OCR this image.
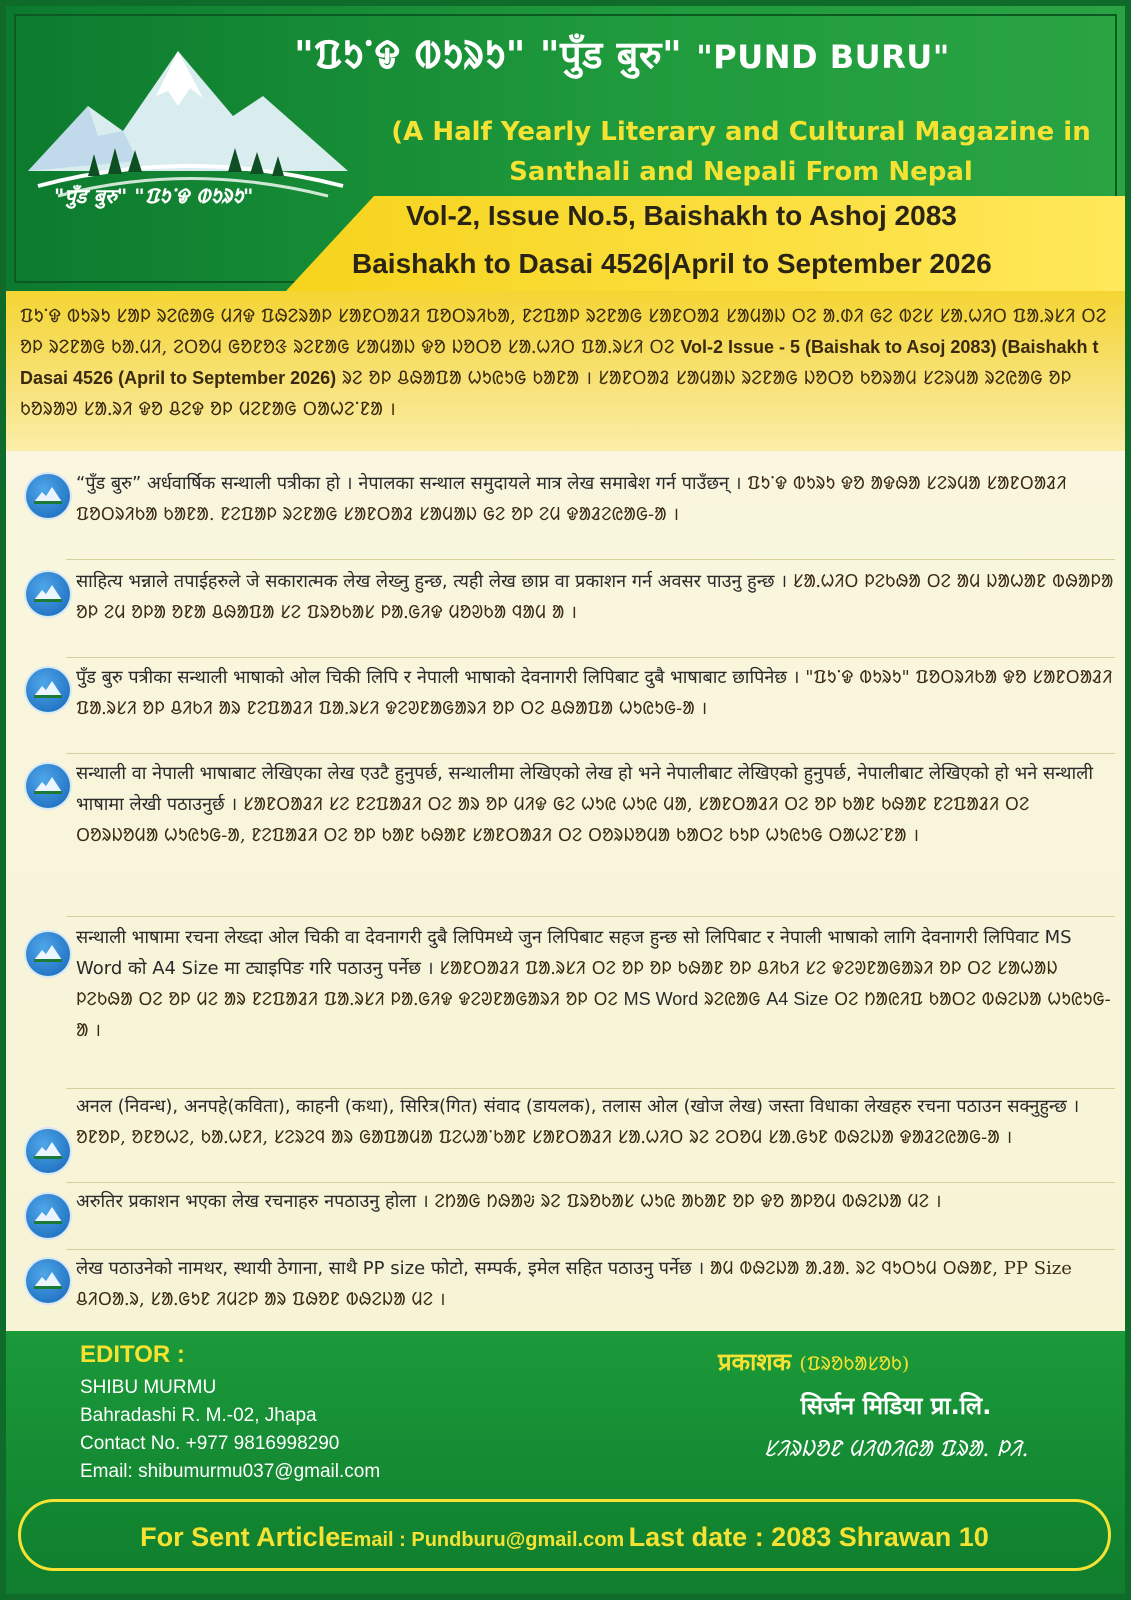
"पुँड बुरु" "ᱯᱩᱸᱫ ᱵᱩᱨᱩ"
"ᱯᱩᱸᱫ ᱵᱩᱨᱩ" "पुँड बुरु" "PUND BURU"
(A Half Yearly Literary and Cultural Magazine in
Santhali and Nepali From Nepal
Vol-2, Issue No.5, Baishakh to Ashoj 2083
Baishakh to Dasai 4526|April to September 2026

ᱯᱩᱸᱫ ᱵᱩᱨᱩ ᱥᱟᱞ ᱨᱮᱭᱟᱜ ᱢᱤᱫ ᱯᱷᱮᱨᱟᱞ ᱥᱟᱱᱛᱟᱲᱤ ᱯᱚᱛᱨᱤᱠᱟ, ᱱᱮᱯᱟᱞ ᱨᱮᱱᱟᱜ ᱥᱟᱱᱛᱟᱲ ᱥᱟᱢᱟᱡ ᱛᱮ ᱟᱹᱰᱤ ᱜᱮ ᱵᱮᱥ ᱥᱟᱹᱦᱤᱛ ᱯᱟᱹᱨᱥᱤ ᱛᱮ ᱚᱞ ᱨᱮᱱᱟᱜ ᱠᱟᱹᱢᱤ, ᱮᱛᱚᱢ ᱜᱚᱱᱚᱝ ᱨᱮᱱᱟᱜ ᱥᱟᱢᱟᱡ ᱫᱚ ᱡᱚᱛᱚ ᱥᱟᱹᱦᱤᱛ ᱯᱟᱹᱨᱥᱤ ᱛᱮ Vol-2 Issue - 5 (Baishak to Asoj 2083) (Baishakh t Dasai 4526 (April to September 2026) ᱨᱮ ᱚᱞ ᱪᱷᱟᱯᱟ ᱦᱩᱭᱩᱜ ᱠᱟᱱᱟ । ᱥᱟᱱᱛᱟᱲ ᱥᱟᱢᱟᱡ ᱨᱮᱱᱟᱜ ᱡᱚᱛᱚ ᱠᱚᱨᱟᱢ ᱥᱮᱨᱢᱟ ᱨᱮᱭᱟᱜ ᱚᱞ ᱠᱚᱨᱟᱣ ᱥᱟᱹᱨᱤ ᱫᱚ ᱪᱮᱫ ᱚᱞ ᱢᱮᱱᱟᱜ ᱛᱟᱦᱮᱸᱱᱟ ।

“पुँड बुरु” अर्धवार्षिक सन्थाली पत्रीका हो । नेपालका सन्थाल समुदायले मात्र लेख समाबेश गर्न पाउँछन् । ᱯᱩᱸᱫ ᱵᱩᱨᱩ ᱫᱚ ᱟᱫᱷᱟ ᱥᱮᱨᱢᱟ ᱥᱟᱱᱛᱟᱲᱤ ᱯᱚᱛᱨᱤᱠᱟ ᱠᱟᱱᱟ. ᱱᱮᱯᱟᱞ ᱨᱮᱱᱟᱜ ᱥᱟᱱᱛᱟᱲ ᱥᱟᱢᱟᱡ ᱜᱮ ᱚᱞ ᱮᱢ ᱫᱟᱲᱮᱭᱟᱜ-ᱟ ।
साहित्य भन्नाले तपाईहरुले जे सकारात्मक लेख लेख्नु हुन्छ, त्यही लेख छाप्न वा प्रकाशन गर्न अवसर पाउनु हुन्छ । ᱥᱟᱹᱦᱤᱛ ᱞᱮᱠᱷᱟ ᱛᱮ ᱟᱢ ᱡᱟᱦᱟᱱ ᱵᱷᱟᱞᱟ ᱚᱞ ᱮᱢ ᱚᱞᱟ ᱚᱱᱟ ᱪᱷᱟᱯᱟ ᱥᱮ ᱯᱨᱚᱠᱟᱥ ᱞᱟᱹᱜᱤᱫ ᱢᱚᱣᱠᱟ ᱧᱟᱢ ᱟ ।
पुँड बुरु पत्रीका सन्थाली भाषाको ओल चिकी लिपि र नेपाली भाषाको देवनागरी लिपिबाट दुबै भाषाबाट छापिनेछ । "ᱯᱩᱸᱫ ᱵᱩᱨᱩ" ᱯᱚᱛᱨᱤᱠᱟ ᱫᱚ ᱥᱟᱱᱛᱟᱲᱤ ᱯᱟᱹᱨᱥᱤ ᱚᱞ ᱪᱤᱠᱤ ᱟᱨ ᱱᱮᱯᱟᱲᱤ ᱯᱟᱹᱨᱥᱤ ᱫᱮᱣᱱᱟᱜᱟᱨᱤ ᱚᱞ ᱛᱮ ᱪᱷᱟᱯᱟ ᱦᱩᱭᱩᱜ-ᱟ ।
सन्थाली वा नेपाली भाषाबाट लेखिएका लेख एउटै हुनुपर्छ, सन्थालीमा लेखिएको लेख हो भने नेपालीबाट लेखिएको हुनुपर्छ, नेपालीबाट लेखिएको हो भने सन्थाली भाषामा लेखी पठाउनुर्छ । ᱥᱟᱱᱛᱟᱲᱤ ᱥᱮ ᱱᱮᱯᱟᱲᱤ ᱛᱮ ᱟᱨ ᱚᱞ ᱢᱤᱫ ᱜᱮ ᱦᱩᱭ ᱦᱩᱭ ᱢᱟ, ᱥᱟᱱᱛᱟᱲᱤ ᱛᱮ ᱚᱞ ᱠᱟᱱ ᱠᱷᱟᱱ ᱱᱮᱯᱟᱲᱤ ᱛᱮ ᱛᱚᱨᱡᱚᱢᱟ ᱦᱩᱭᱩᱜ-ᱟ, ᱱᱮᱯᱟᱲᱤ ᱛᱮ ᱚᱞ ᱠᱟᱱ ᱠᱷᱟᱱ ᱥᱟᱱᱛᱟᱲᱤ ᱛᱮ ᱛᱚᱨᱡᱚᱢᱟ ᱠᱟᱛᱮ ᱠᱩᱞ ᱦᱩᱭᱩᱜ ᱛᱟᱦᱮᱸᱱᱟ ।
सन्थाली भाषामा रचना लेख्दा ओल चिकी वा देवनागरी दुबै लिपिमध्ये जुन लिपिबाट सहज हुन्छ सो लिपिबाट र नेपाली भाषाको लागि देवनागरी लिपिवाट MS Word को A4 Size मा ट्याइपिङ गरि पठाउनु पर्नेछ । ᱥᱟᱱᱛᱟᱲᱤ ᱯᱟᱹᱨᱥᱤ ᱛᱮ ᱚᱞ ᱚᱞ ᱠᱷᱟᱱ ᱚᱞ ᱪᱤᱠᱤ ᱥᱮ ᱫᱮᱣᱱᱟᱜᱟᱨᱤ ᱚᱞ ᱛᱮ ᱥᱟᱦᱟᱡ ᱞᱮᱠᱷᱟ ᱛᱮ ᱚᱞ ᱢᱮ ᱟᱨ ᱱᱮᱯᱟᱲᱤ ᱯᱟᱹᱨᱥᱤ ᱞᱟᱹᱜᱤᱫ ᱫᱮᱣᱱᱟᱜᱟᱨᱤ ᱚᱞ ᱛᱮ MS Word ᱨᱮᱭᱟᱜ A4 Size ᱛᱮ ᱴᱟᱭᱤᱯ ᱠᱟᱛᱮ ᱵᱷᱮᱡᱟ ᱦᱩᱭᱩᱜ-ᱟ ।
अनल (निवन्ध), अनपहे(कविता), काहनी (कथा), सिरित्र(गित) संवाद (डायलक), तलास ओल (खोज लेख) जस्ता विधाका लेखहरु रचना पठाउन सक्नुहुन्छ । ᱚᱱᱚᱞ, ᱚᱱᱚᱦᱮ, ᱠᱟᱹᱦᱱᱤ, ᱥᱮᱨᱮᱧ ᱟᱨ ᱜᱟᱯᱟᱢᱟ ᱯᱮᱦᱟᱸᱠᱟᱱ ᱥᱟᱱᱛᱟᱲᱤ ᱥᱟᱹᱦᱤᱛ ᱨᱮ ᱮᱛᱚᱢ ᱥᱟᱹᱜᱩᱱ ᱵᱷᱮᱡᱟ ᱫᱟᱲᱮᱭᱟᱜ-ᱟ ।
अरुतिर प्रकाशन भएका लेख रचनाहरु नपठाउनु होला । ᱮᱴᱟᱜ ᱴᱷᱟᱶ ᱨᱮ ᱯᱨᱚᱠᱟᱥ ᱦᱩᱭ ᱟᱠᱟᱱ ᱚᱞ ᱫᱚ ᱟᱞᱚᱢ ᱵᱷᱮᱡᱟ ᱢᱮ ।
लेख पठाउनेको नामथर, स्थायी ठेगाना, साथै PP size फोटो, सम्पर्क, इमेल सहित पठाउनु पर्नेछ । ᱟᱢ ᱵᱷᱮᱡᱟ ᱟᱹᱲᱟᱹ ᱨᱮ ᱧᱩᱛᱩᱢ ᱛᱷᱟᱱ, PP Size ᱪᱤᱛᱟᱹᱨ, ᱥᱟᱹᱜᱩᱱ ᱤᱢᱮᱞ ᱟᱨ ᱯᱷᱚᱱ ᱵᱷᱮᱡᱟ ᱢᱮ ।
EDITOR :
SHIBU MURMU
Bahradashi R. M.-02, Jhapa
Contact No. +977 9816998290
Email: shibumurmu037@gmail.com
प्रकाशक (ᱯᱨᱚᱠᱟᱥᱚᱠ)
सिर्जन मिडिया प्रा.लि.
ᱥᱤᱨᱡᱚᱱ ᱢᱤᱰᱤᱭᱟ ᱯᱨᱟ. ᱞᱤ.
For Sent ArticleEmail : Pundburu@gmail.com Last date : 2083 Shrawan 10
